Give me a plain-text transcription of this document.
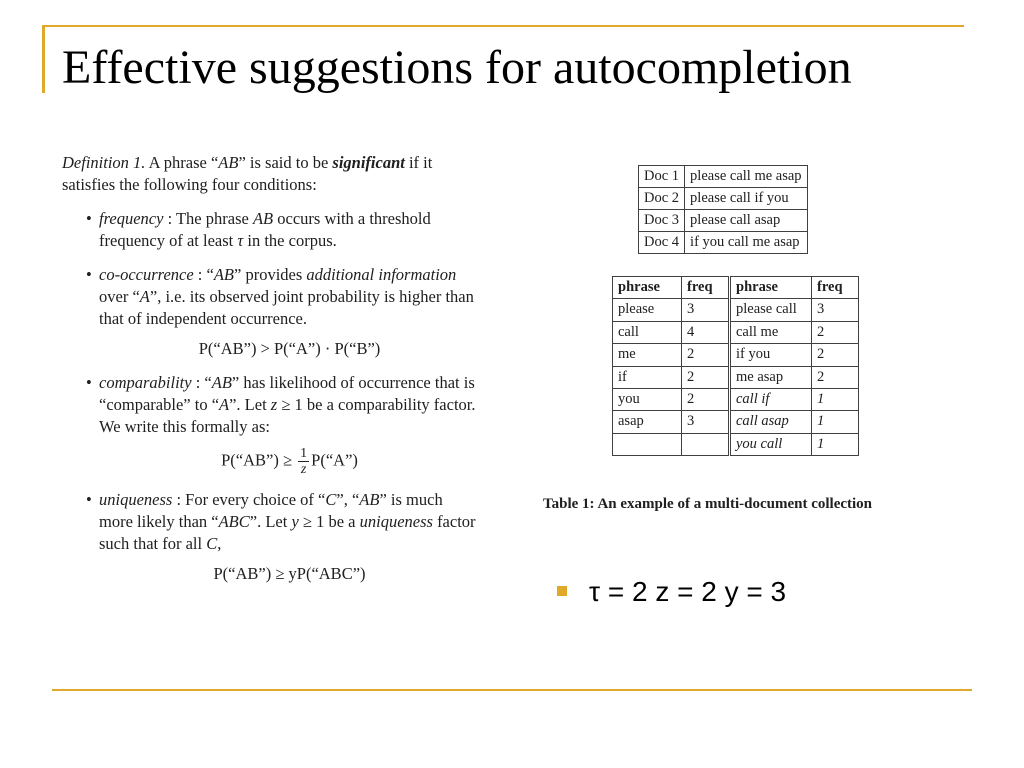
Effective suggestions for autocompletion

Definition 1. A phrase “AB” is said to be significant if it satisfies the following four conditions:

• frequency : The phrase AB occurs with a threshold frequency of at least τ in the corpus.
• co-occurrence : “AB” provides additional information over “A”, i.e. its observed joint probability is higher than that of independent occurrence.
P(“AB”) > P(“A”) · P(“B”)
• comparability : “AB” has likelihood of occurrence that is “comparable” to “A”. Let z ≥ 1 be a comparability factor. We write this formally as:
P(“AB”) ≥ $\frac{1}{z}$ P(“A”)
• uniqueness : For every choice of “C”, “AB” is much more likely than “ABC”. Let y ≥ 1 be a uniqueness factor such that for all C,
P(“AB”) ≥ yP(“ABC”)
Doc 1	please call me asap
Doc 2	please call if you
Doc 3	please call asap
Doc 4	if you call me asap
phrase	freq	phrase	freq
please	3	please call	3
call	4	call me	2
me	2	if you	2
if	2	me asap	2
you	2	call if	1
asap	3	call asap	1
		you call	1
Table 1: An example of a multi-document collection
τ = 2 z = 2 y = 3
